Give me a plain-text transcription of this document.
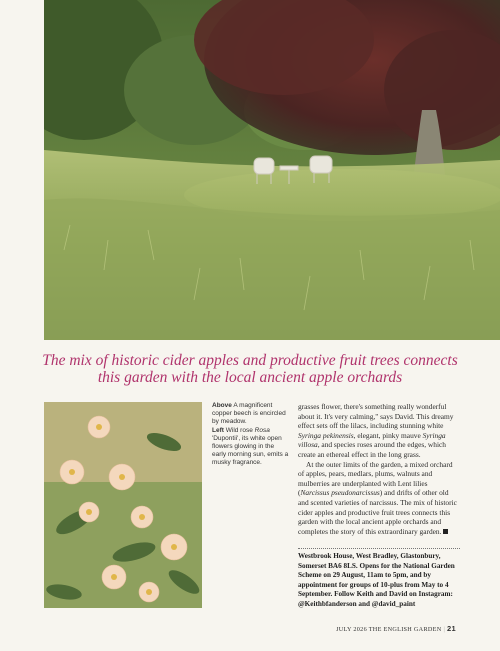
The mix of historic cider apples and productive fruit trees connects this garden with the local ancient apple orchards
Above A magnificent copper beech is encircled by meadow.
Left Wild rose Rosa 'Dupontii', its white open flowers glowing in the early morning sun, emits a musky fragrance.

grasses flower, there's something really wonderful about it. It's very calming," says David. This dreamy effect sets off the lilacs, including stunning white Syringa pekinensis, elegant, pinky mauve Syringa villosa, and species roses around the edges, which create an ethereal effect in the long grass.

At the outer limits of the garden, a mixed orchard of apples, pears, medlars, plums, walnuts and mulberries are underplanted with Lent lilies (Narcissus pseudonarcissus) and drifts of other old and scented varieties of narcissus. The mix of historic cider apples and productive fruit trees connects this garden with the local ancient apple orchards and completes the story of this extraordinary garden.

Westbrook House, West Bradley, Glastonbury, Somerset BA6 8LS. Opens for the National Garden Scheme on 29 August, 11am to 5pm, and by appointment for groups of 10-plus from May to 4 September. Follow Keith and David on Instagram: @Keithbfanderson and @david_paint
JULY 2026 THE ENGLISH GARDEN | 21
